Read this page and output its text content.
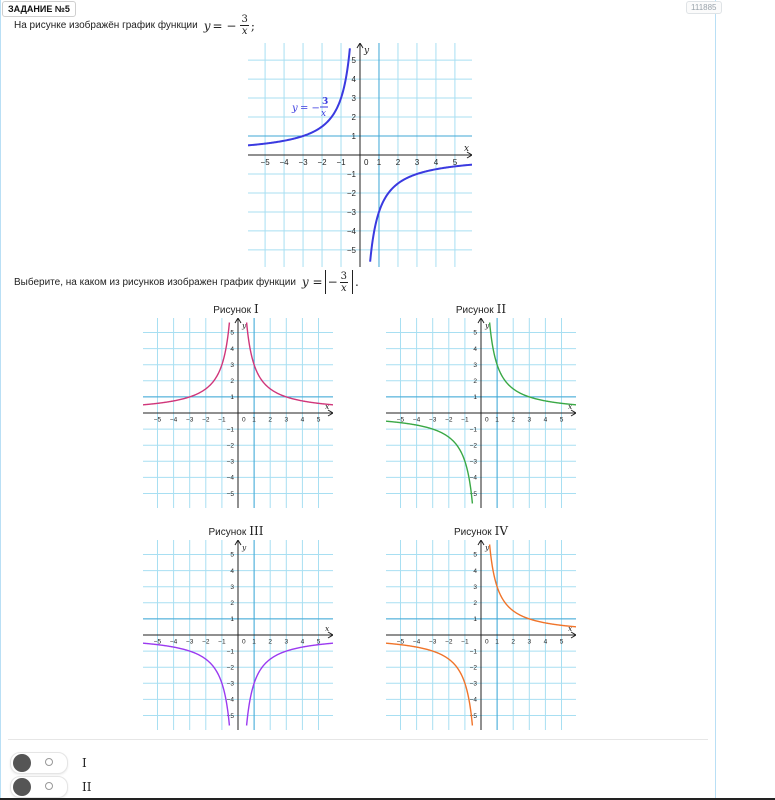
ЗАДАНИЕ №5	111885
На рисунке изображён график функции y = − $\frac{3}{x}$ ;
−5
−5
−4
−4
−3
−3
−2
−2
−1
−1
1
1
2
2
3
3
4
4
5
5
0
x
y
y = −
3
x
Выберите, на каком из рисунков изображен график функции y = − $\frac{3}{x}$ .
Рисунок I	Рисунок II
Рисунок III	Рисунок IV
−5
−5
−4
−4
−3
−3
−2
−2
−1
−1
1
1
2
2
3
3
4
4
5
5
0
x
y
−5
−5
−4
−4
−3
−3
−2
−2
−1
−1
1
1
2
2
3
3
4
4
5
5
0
x
y
−5
−5
−4
−4
−3
−3
−2
−2
−1
−1
1
1
2
2
3
3
4
4
5
5
0
x
y
−5
−5
−4
−4
−3
−3
−2
−2
−1
−1
1
1
2
2
3
3
4
4
5
5
0
x
y
I
II
